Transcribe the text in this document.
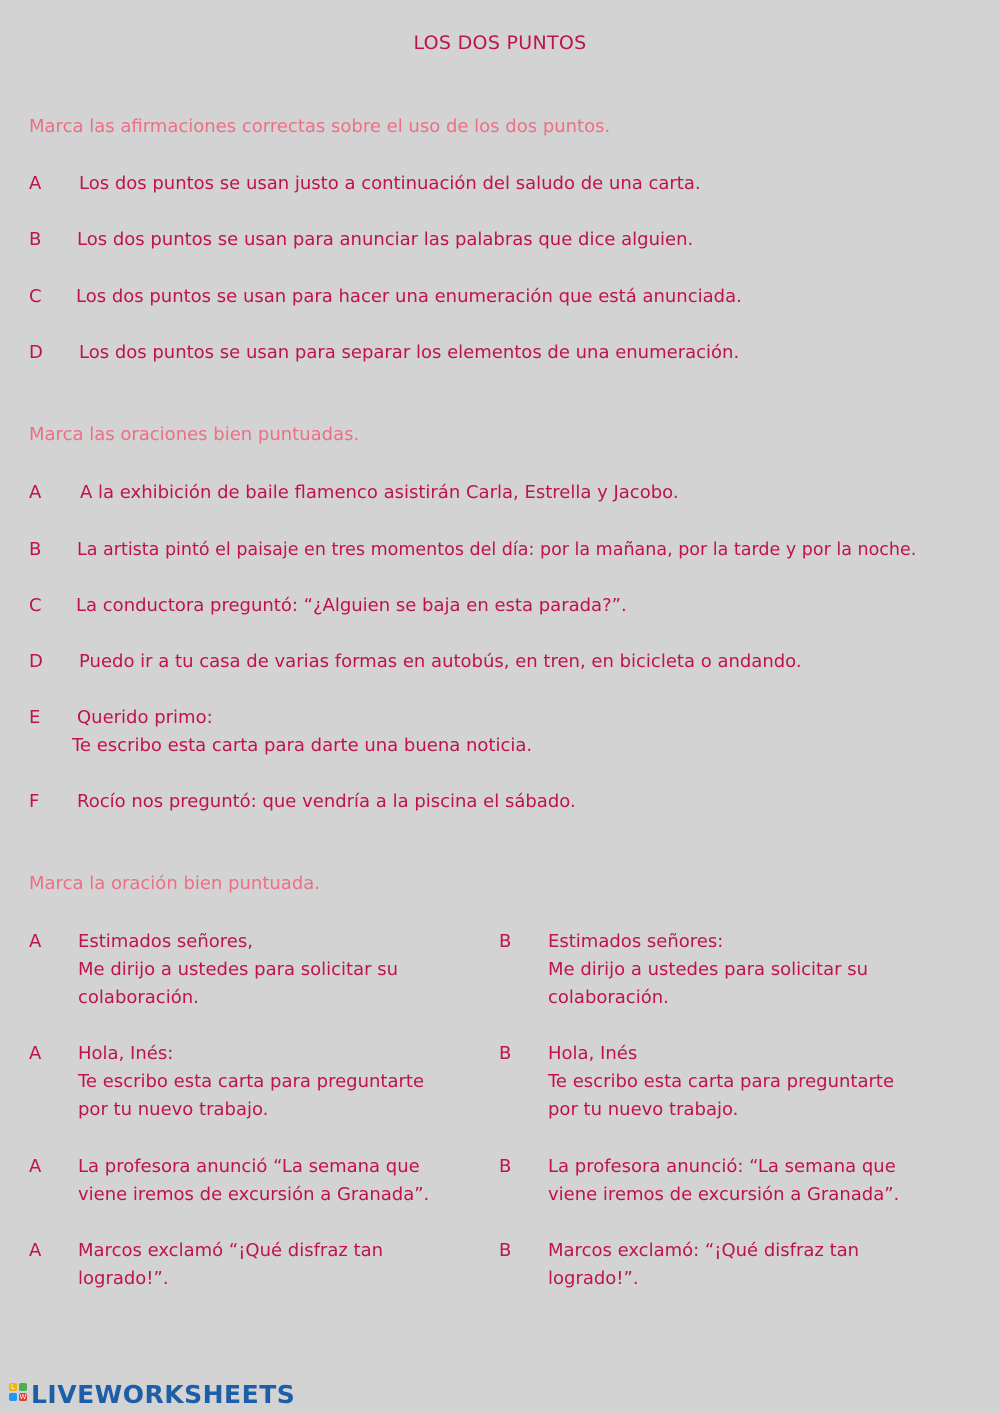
LOS DOS PUNTOS
Marca las afirmaciones correctas sobre el uso de los dos puntos.
A Los dos puntos se usan justo a continuación del saludo de una carta.
B Los dos puntos se usan para anunciar las palabras que dice alguien.
C Los dos puntos se usan para hacer una enumeración que está anunciada.
D Los dos puntos se usan para separar los elementos de una enumeración.
Marca las oraciones bien puntuadas.
A A la exhibición de baile flamenco asistirán Carla, Estrella y Jacobo.
B La artista pintó el paisaje en tres momentos del día: por la mañana, por la tarde y por la noche.
C La conductora preguntó: “¿Alguien se baja en esta parada?”.
D Puedo ir a tu casa de varias formas en autobús, en tren, en bicicleta o andando.
E Querido primo:
Te escribo esta carta para darte una buena noticia.
F Rocío nos preguntó: que vendría a la piscina el sábado.
Marca la oración bien puntuada.
A Estimados señores,
Me dirijo a ustedes para solicitar su
colaboración.
B Estimados señores:
Me dirijo a ustedes para solicitar su
colaboración.
A Hola, Inés:
Te escribo esta carta para preguntarte
por tu nuevo trabajo.
B Hola, Inés
Te escribo esta carta para preguntarte
por tu nuevo trabajo.
A La profesora anunció “La semana que
viene iremos de excursión a Granada”.
B La profesora anunció: “La semana que
viene iremos de excursión a Granada”.
A Marcos exclamó “¡Qué disfraz tan
logrado!”.
B Marcos exclamó: “¡Qué disfraz tan
logrado!”.
L
W LIVEWORKSHEETS
